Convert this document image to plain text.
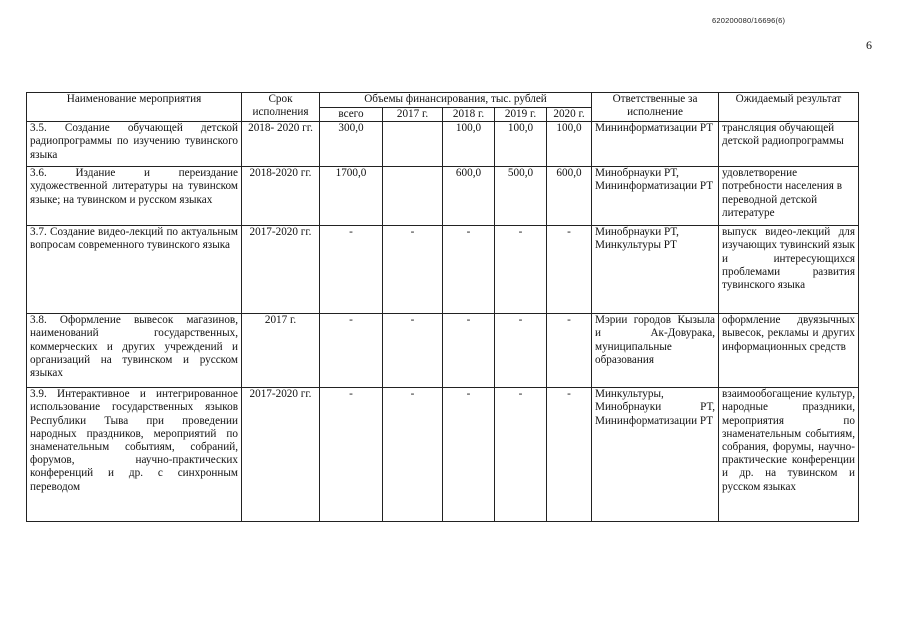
620200080/16696(6)
6
Наименование мероприятия	Срок исполнения	Объемы финансирования, тыс. рублей					Ответственные за исполнение	Ожидаемый результат
		всего	2017 г.	2018 г.	2019 г.	2020 г.		
3.5. Создание обучающей детской радиопрограммы по изучению тувинского языка	2018- 2020 гг.	300,0		100,0	100,0	100,0	Мининформатизации РТ	трансляция обучающей детской радиопрограммы
3.6. Издание и переиздание художественной литературы на тувинском языке; на тувинском и русском языках	2018-2020 гг.	1700,0		600,0	500,0	600,0	Минобрнауки РТ, Мининформатизации РТ	удовлетворение потребности населения в переводной детской литературе
3.7. Создание видео-лекций по актуальным вопросам современного тувинского языка	2017-2020 гг.	-	-	-	-	-	Минобрнауки РТ, Минкультуры РТ	выпуск видео-лекций для изучающих тувинский язык и интересующихся проблемами развития тувинского языка
3.8. Оформление вывесок магазинов, наименований государственных, коммерческих и других учреждений и организаций на тувинском и русском языках	2017 г.	-	-	-	-	-	Мэрии городов Кызыла и Ак-Довурака, муниципальные образования	оформление двуязычных вывесок, рекламы и других информационных средств
3.9. Интерактивное и интегрированное использование государственных языков Республики Тыва при проведении народных праздников, мероприятий по знаменательным событиям, собраний, форумов, научно-практических конференций и др. с синхронным переводом	2017-2020 гг.	-	-	-	-	-	Минкультуры, Минобрнауки РТ, Мининформатизации РТ	взаимообогащение культур, народные праздники, мероприятия по знаменательным событиям, собрания, форумы, научно-практические конференции и др. на тувинском и русском языках
